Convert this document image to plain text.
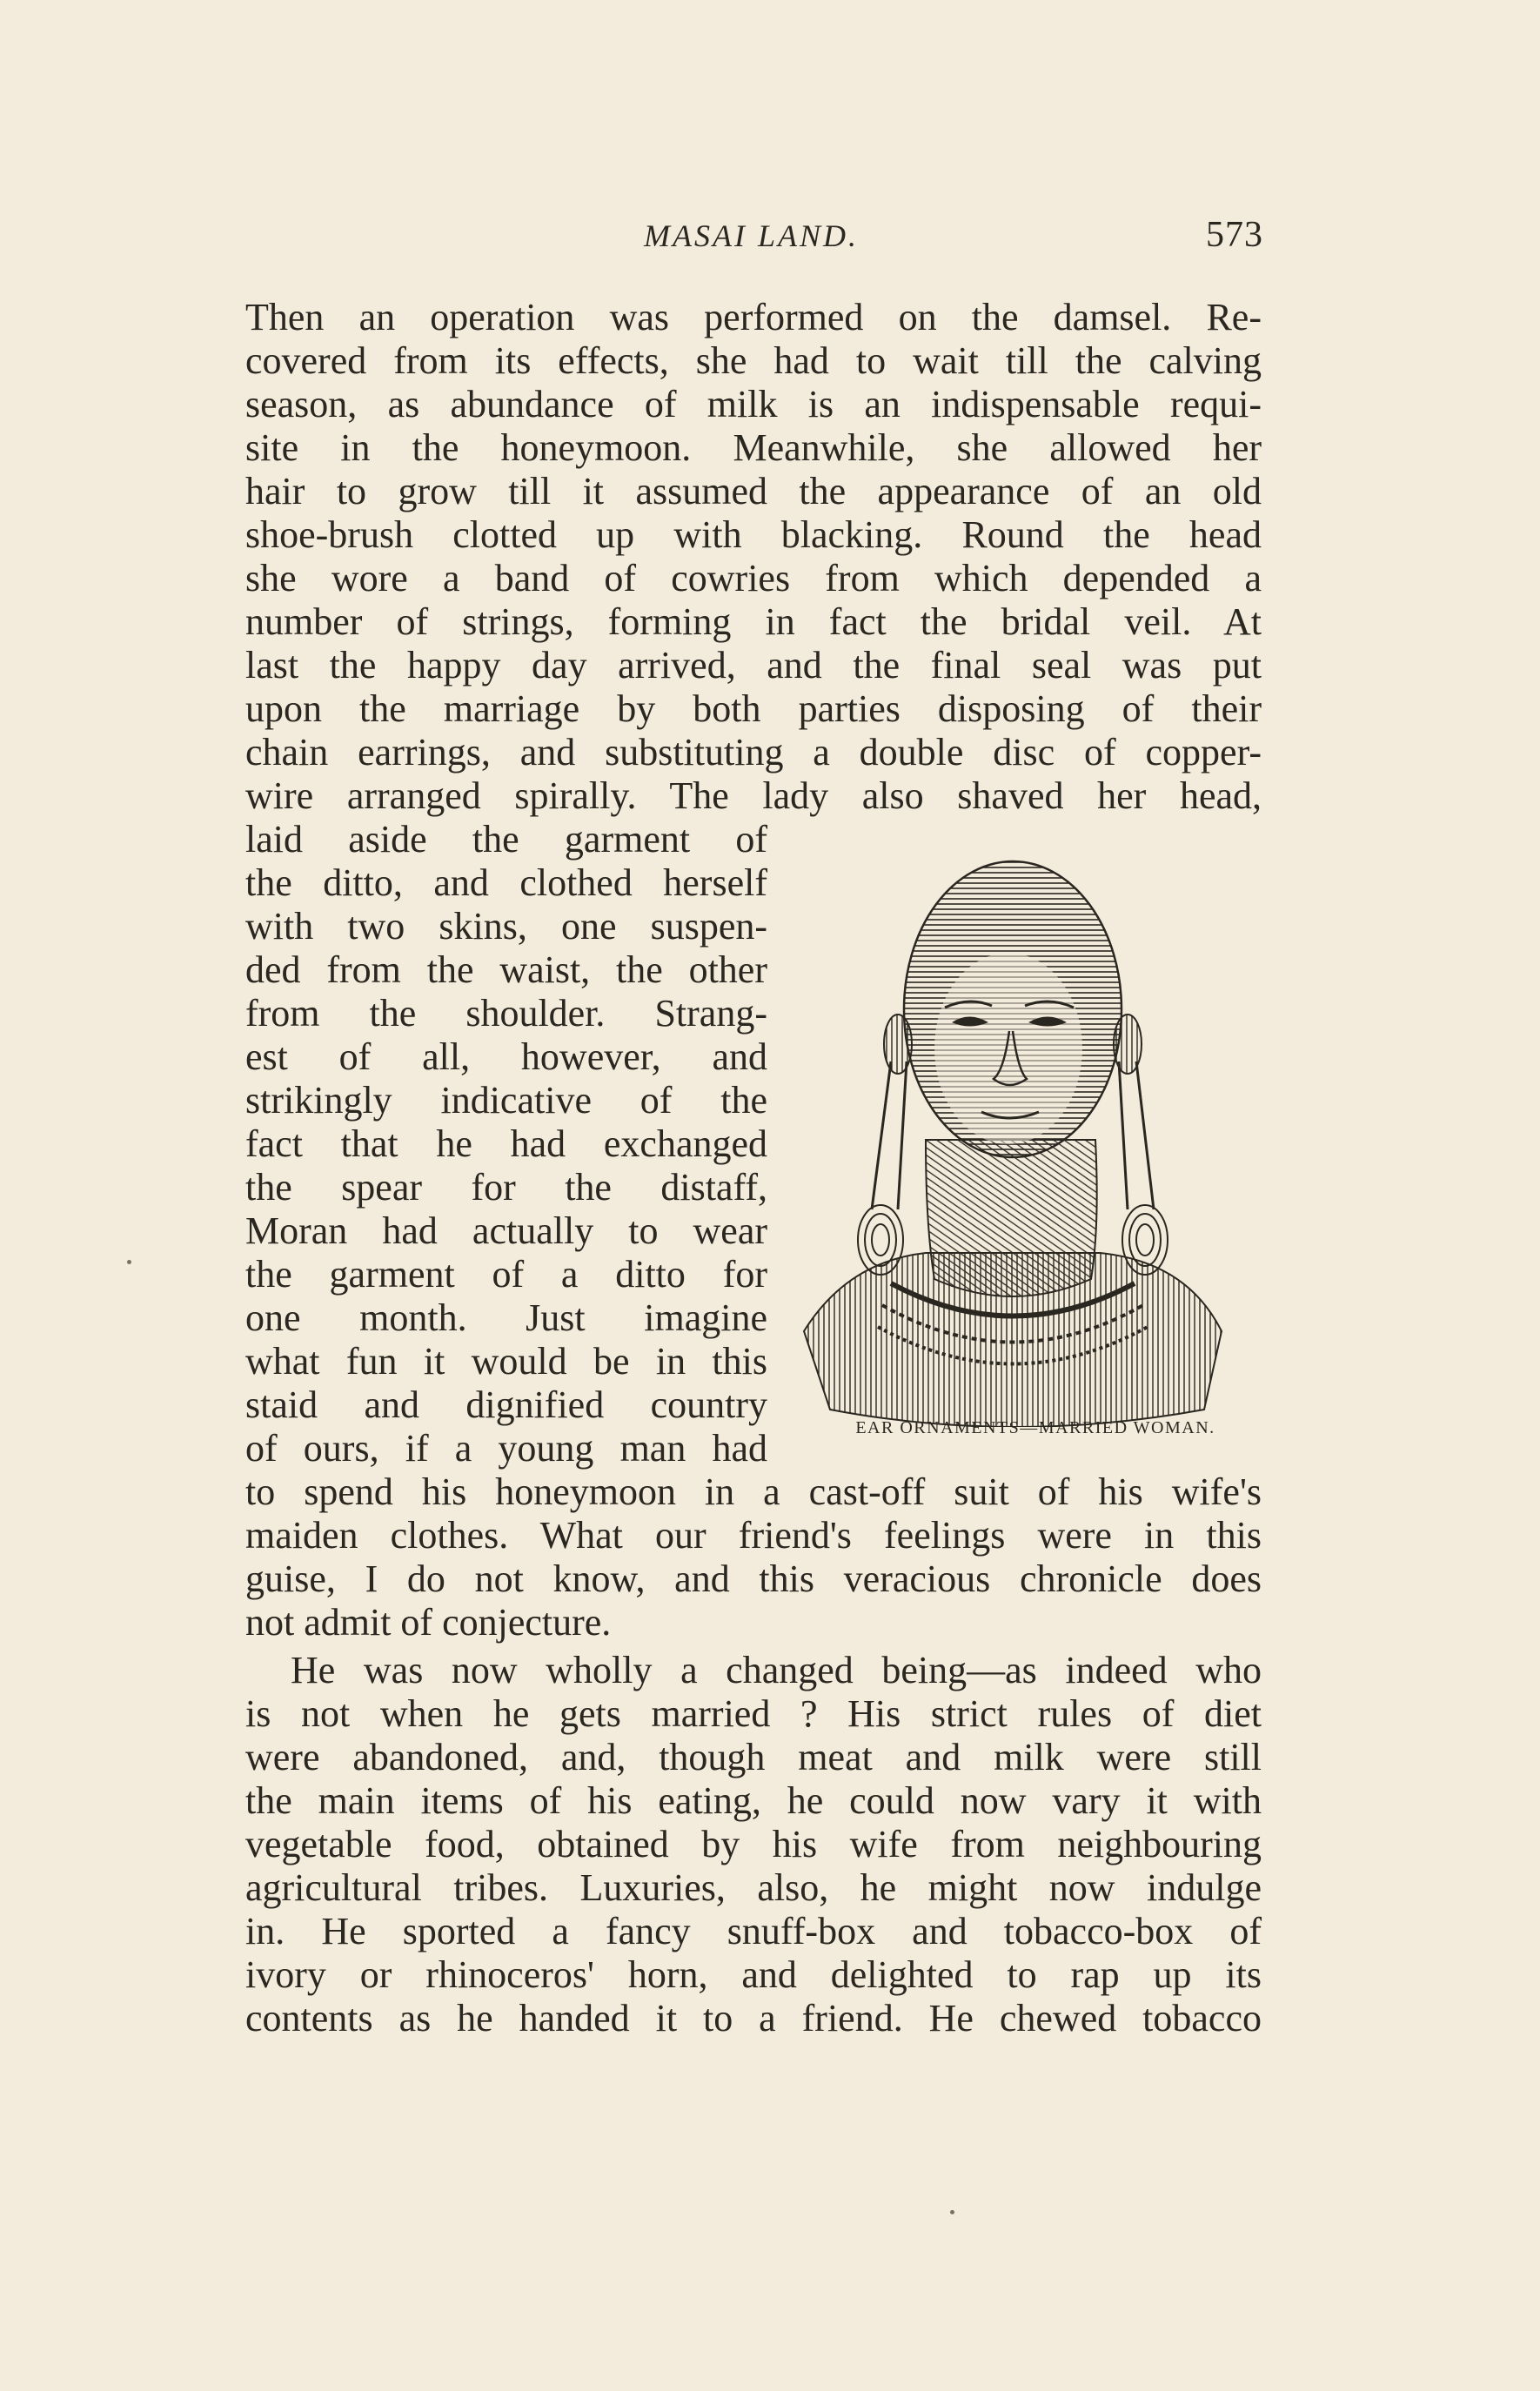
MASAI LAND.	573
Then an operation was performed on the damsel. Re-
covered from its effects, she had to wait till the calving
season, as abundance of milk is an indispensable requi-
site in the honeymoon. Meanwhile, she allowed her
hair to grow till it assumed the appearance of an old
shoe-brush clotted up with blacking. Round the head
she wore a band of cowries from which depended a
number of strings, forming in fact the bridal veil. At
last the happy day arrived, and the final seal was put
upon the marriage by both parties disposing of their
chain earrings, and substituting a double disc of copper-
wire arranged spirally. The lady also shaved her head,
laid aside the garment of
the ditto, and clothed herself
with two skins, one suspen-
ded from the waist, the other
from the shoulder. Strang-
est of all, however, and
strikingly indicative of the
fact that he had exchanged
the spear for the distaff,
Moran had actually to wear
the garment of a ditto for
one month. Just imagine
what fun it would be in this
staid and dignified country
of ours, if a young man had
to spend his honeymoon in a cast-off suit of his wife's
maiden clothes. What our friend's feelings were in this
guise, I do not know, and this veracious chronicle does
not admit of conjecture.
He was now wholly a changed being—as indeed who
is not when he gets married ? His strict rules of diet
were abandoned, and, though meat and milk were still
the main items of his eating, he could now vary it with
vegetable food, obtained by his wife from neighbouring
agricultural tribes. Luxuries, also, he might now indulge
in. He sported a fancy snuff-box and tobacco-box of
ivory or rhinoceros' horn, and delighted to rap up its
contents as he handed it to a friend. He chewed tobacco
EAR ORNAMENTS—MARRIED WOMAN.
